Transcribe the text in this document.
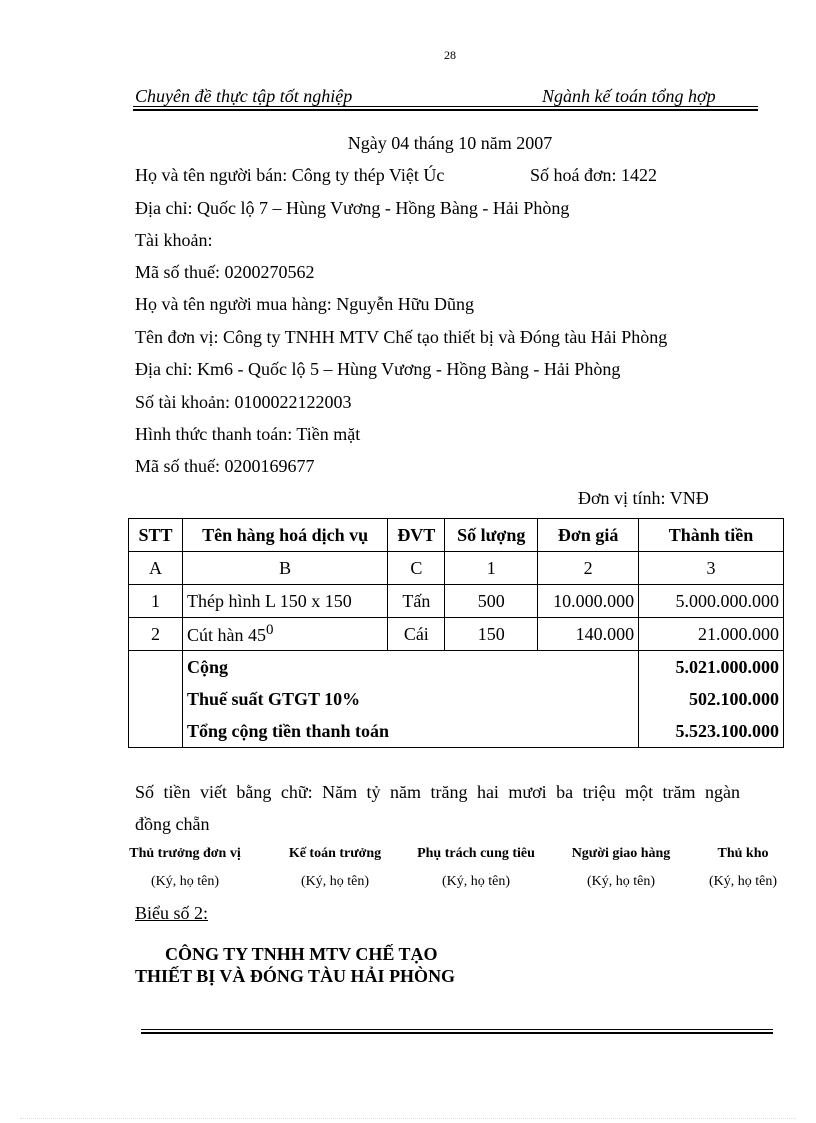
28
Chuyên đề thực tập tốt nghiệp	Ngành kế toán tổng hợp
Ngày 04 tháng 10 năm 2007
Họ và tên người bán: Công ty thép Việt Úc	Số hoá đơn: 1422
Địa chỉ: Quốc lộ 7 – Hùng Vương - Hồng Bàng - Hải Phòng
Tài khoản:
Mã số thuế: 0200270562
Họ và tên người mua hàng: Nguyễn Hữu Dũng
Tên đơn vị: Công ty TNHH MTV Chế tạo thiết bị và Đóng tàu Hải Phòng
Địa chỉ: Km6 - Quốc lộ 5 – Hùng Vương - Hồng Bàng - Hải Phòng
Số tài khoản: 0100022122003
Hình thức thanh toán: Tiền mặt
Mã số thuế: 0200169677
Đơn vị tính: VNĐ
STT	Tên hàng hoá dịch vụ	ĐVT	Số lượng	Đơn giá	Thành tiền
A	B	C	1	2	3
1	Thép hình L 150 x 150	Tấn	500	10.000.000	5.000.000.000
2	Cút hàn $45^0$	Cái	150	140.000	21.000.000
	Cộng				5.021.000.000
	Thuế suất GTGT 10%				502.100.000
	Tổng cộng tiền thanh toán				5.523.100.000
Số tiền viết bằng chữ: Năm tỷ năm trăng hai mươi ba triệu một trăm ngàn
đồng chẵn
Thủ trưởng đơn vị	Kế toán trưởng	Phụ trách cung tiêu	Người giao hàng	Thủ kho
(Ký, họ tên)	(Ký, họ tên)	(Ký, họ tên)	(Ký, họ tên)	(Ký, họ tên)
Biểu số 2:
CÔNG TY TNHH MTV CHẾ TẠO
THIẾT BỊ VÀ ĐÓNG TÀU HẢI PHÒNG
